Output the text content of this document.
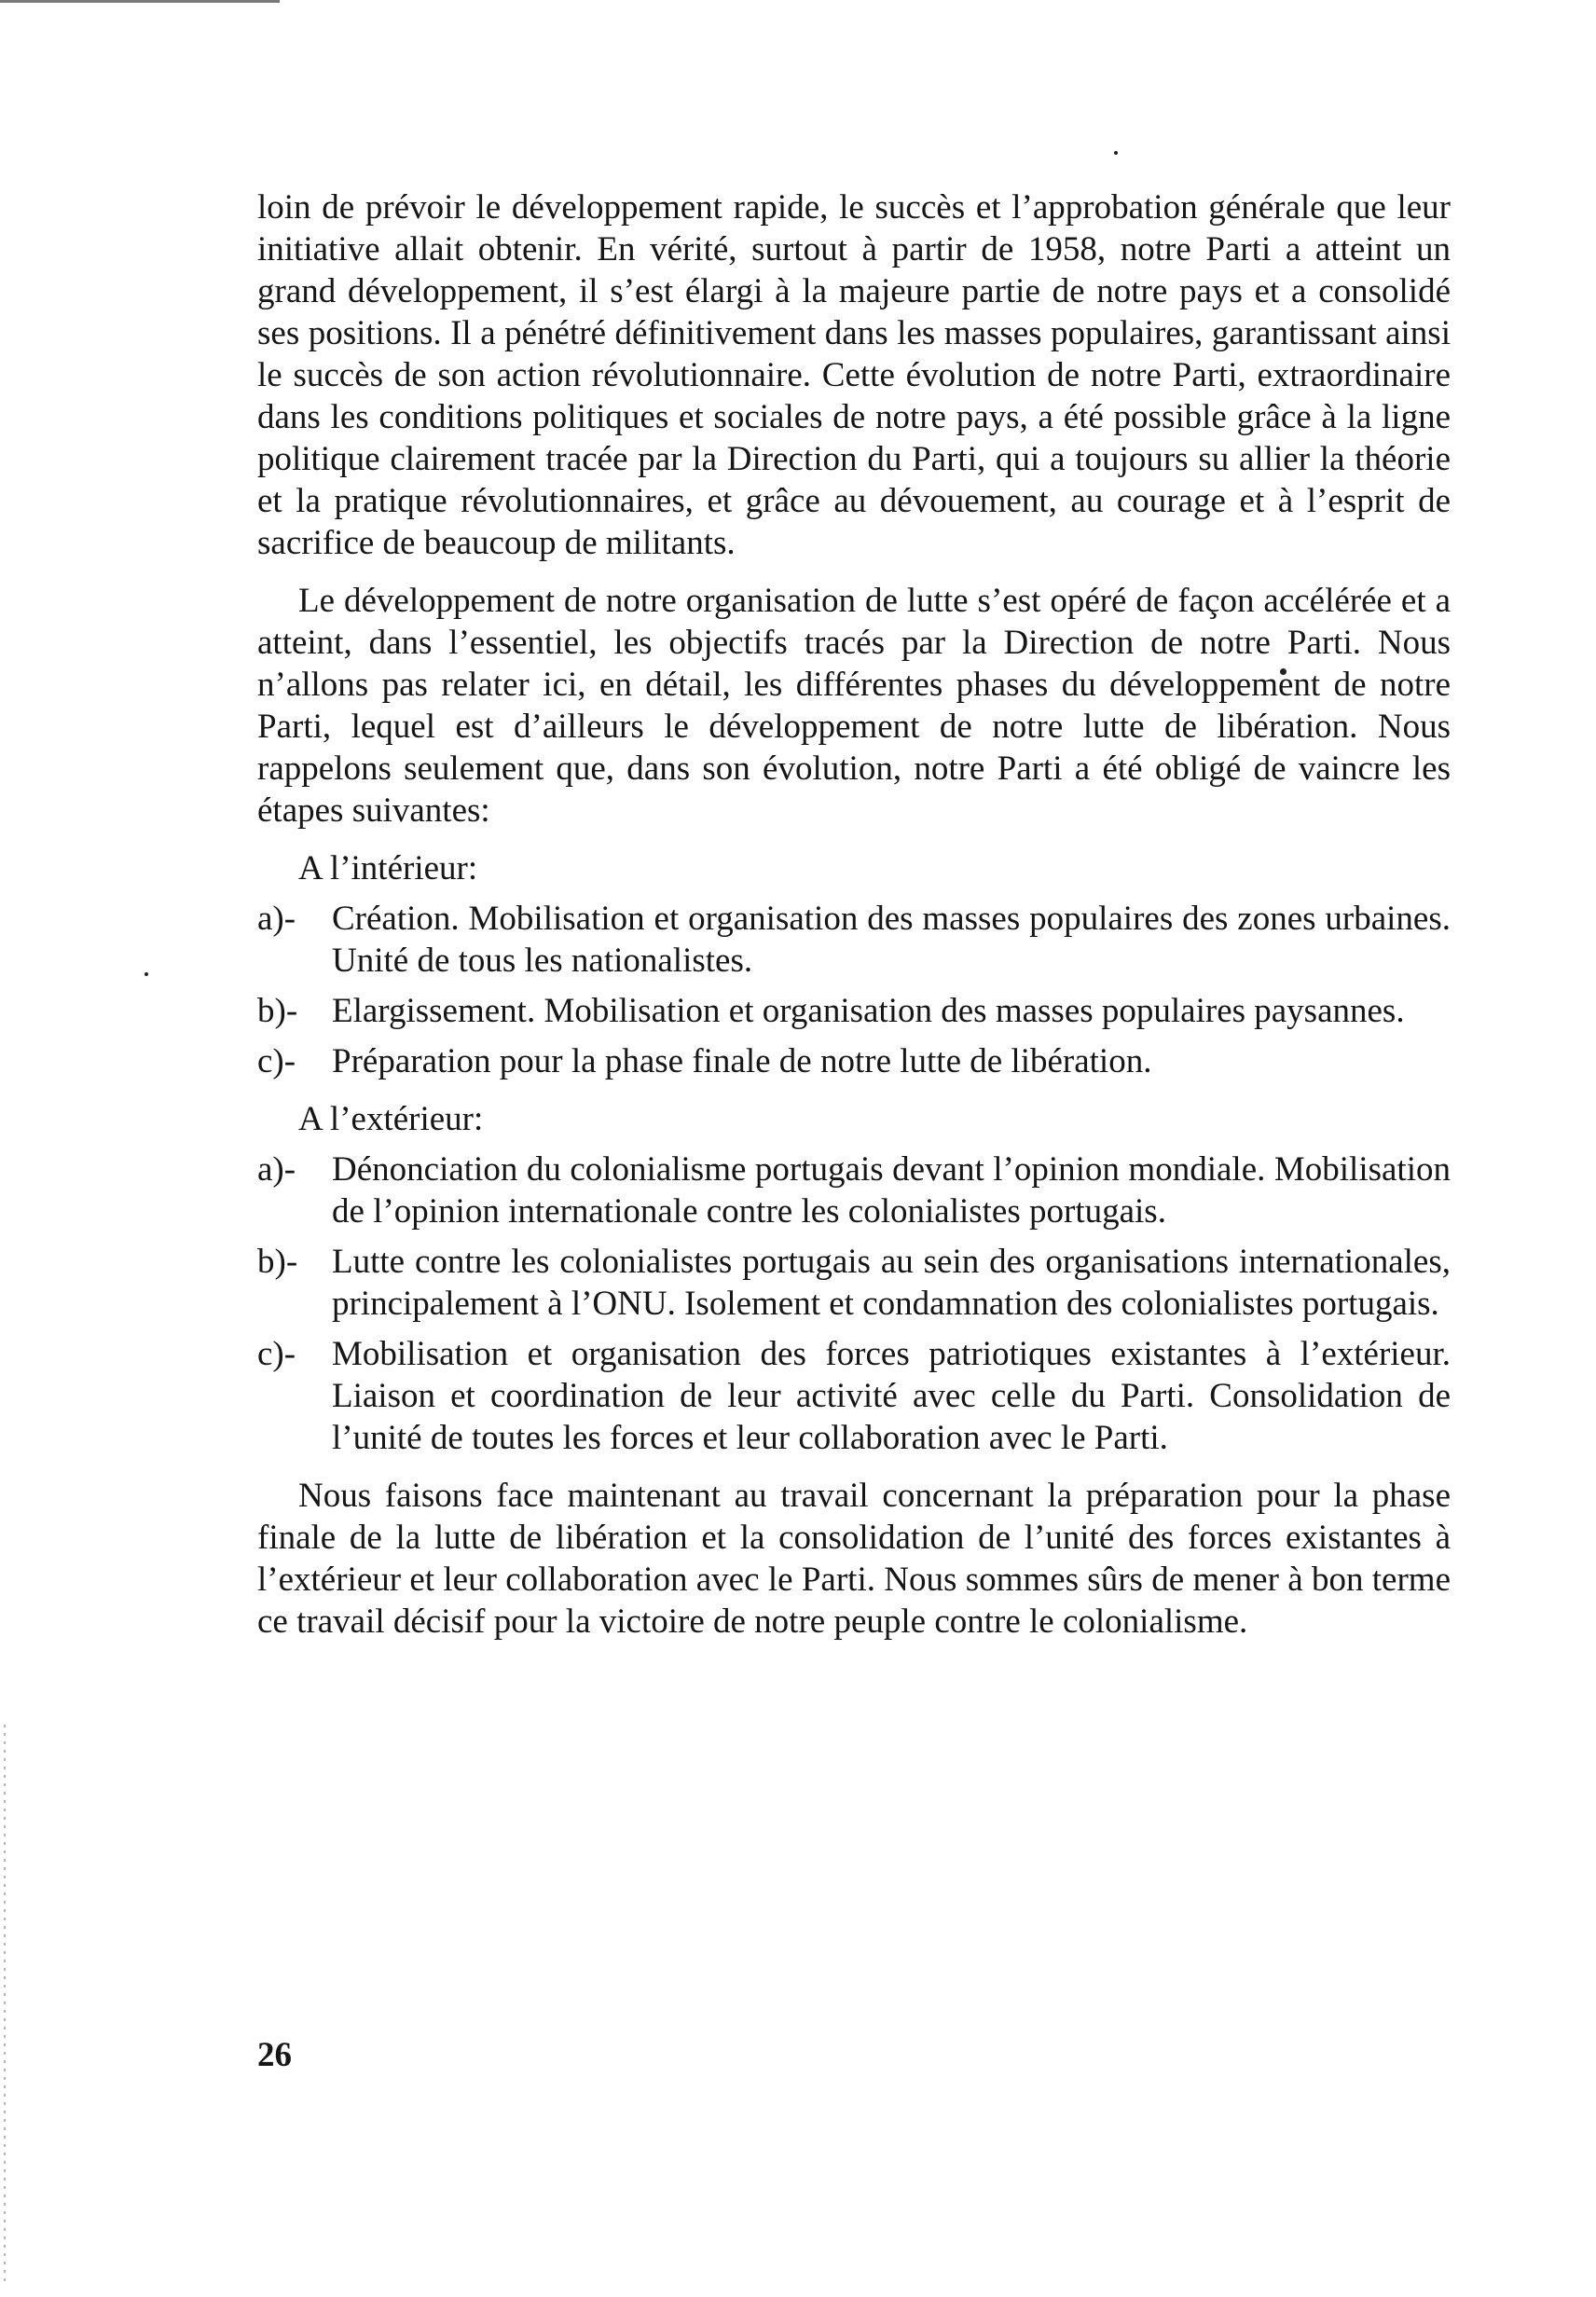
loin de prévoir le développement rapide, le succès et l’approbation générale que leur initiative allait obtenir. En vérité, surtout à partir de 1958, notre Parti a atteint un grand développement, il s’est élargi à la majeure partie de notre pays et a consolidé ses positions. Il a pénétré définitivement dans les masses populaires, garantissant ainsi le succès de son action révolutionnaire. Cette évolution de notre Parti, extraordinaire dans les conditions politiques et sociales de notre pays, a été possible grâce à la ligne politique clairement tracée par la Direction du Parti, qui a toujours su allier la théorie et la pratique révolutionnaires, et grâce au dévouement, au courage et à l’esprit de sacrifice de beaucoup de militants.

Le développement de notre organisation de lutte s’est opéré de façon accélérée et a atteint, dans l’essentiel, les objectifs tracés par la Direction de notre Parti. Nous n’allons pas relater ici, en détail, les différentes phases du développement de notre Parti, lequel est d’ailleurs le développement de notre lutte de libération. Nous rappelons seulement que, dans son évolution, notre Parti a été obligé de vaincre les étapes suivantes:

A l’intérieur:

a)- Création. Mobilisation et organisation des masses populaires des zones urbaines. Unité de tous les nationalistes.
b)- Elargissement. Mobilisation et organisation des masses populaires paysannes.
c)- Préparation pour la phase finale de notre lutte de libération.

A l’extérieur:

a)- Dénonciation du colonialisme portugais devant l’opinion mondiale. Mobilisation de l’opinion internationale contre les colonialistes portugais.
b)- Lutte contre les colonialistes portugais au sein des organisations internationales, principalement à l’ONU. Isolement et condamnation des colonialistes portugais.
c)- Mobilisation et organisation des forces patriotiques existantes à l’extérieur. Liaison et coordination de leur activité avec celle du Parti. Consolidation de l’unité de toutes les forces et leur collaboration avec le Parti.

Nous faisons face maintenant au travail concernant la préparation pour la phase finale de la lutte de libération et la consolidation de l’unité des forces existantes à l’extérieur et leur collaboration avec le Parti. Nous sommes sûrs de mener à bon terme ce travail décisif pour la victoire de notre peuple contre le colonialisme.

26
